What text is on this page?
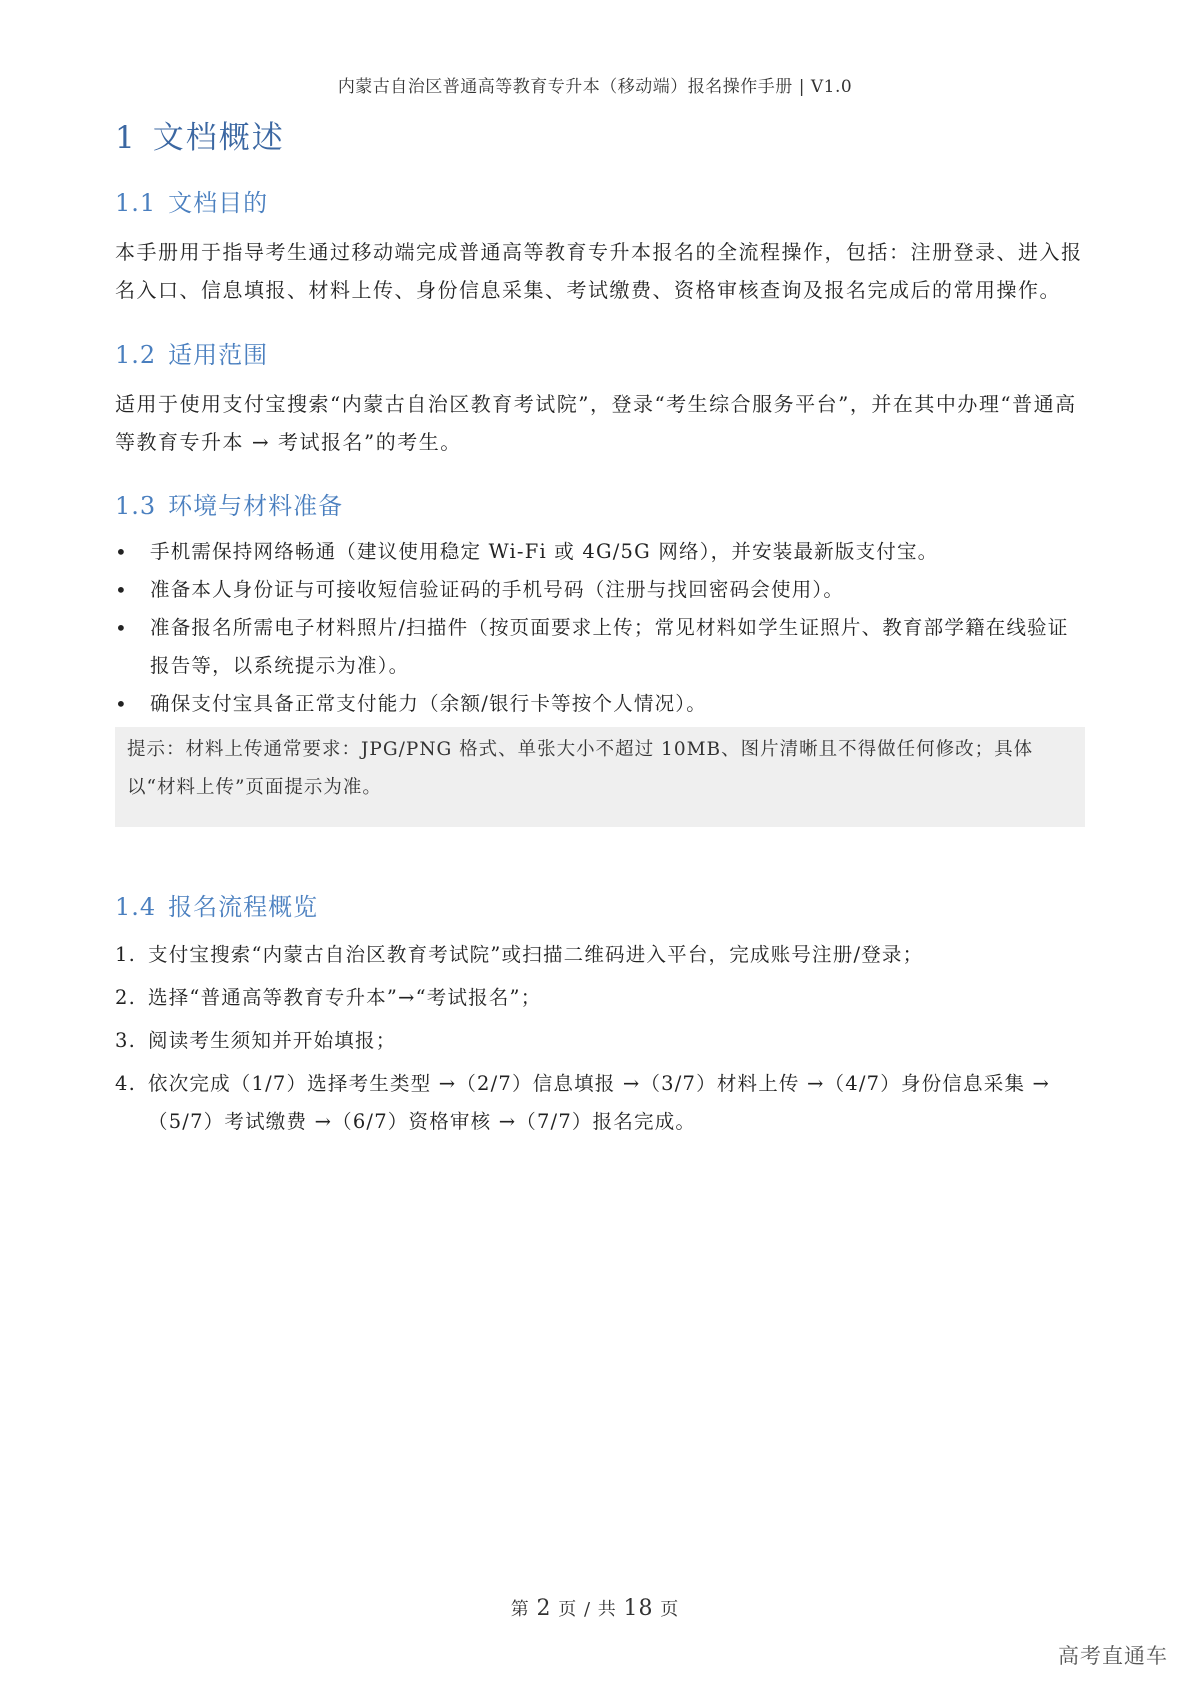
内蒙古自治区普通高等教育专升本（移动端）报名操作手册 | V1.0
1 文档概述
1.1 文档目的

本手册用于指导考生通过移动端完成普通高等教育专升本报名的全流程操作，包括：注册登录、进入报名入口、信息填报、材料上传、身份信息采集、考试缴费、资格审核查询及报名完成后的常用操作。

1.2 适用范围

适用于使用支付宝搜索“内蒙古自治区教育考试院”，登录“考生综合服务平台”，并在其中办理“普通高等教育专升本 → 考试报名”的考生。

1.3 环境与材料准备
• 手机需保持网络畅通（建议使用稳定 Wi-Fi 或 4G/5G 网络），并安装最新版支付宝。
• 准备本人身份证与可接收短信验证码的手机号码（注册与找回密码会使用）。
• 准备报名所需电子材料照片/扫描件（按页面要求上传；常见材料如学生证照片、教育部学籍在线验证报告等，以系统提示为准）。
• 确保支付宝具备正常支付能力（余额/银行卡等按个人情况）。
提示：材料上传通常要求：JPG/PNG 格式、单张大小不超过 10MB、图片清晰且不得做任何修改；具体以“材料上传”页面提示为准。
1.4 报名流程概览
1. 支付宝搜索“内蒙古自治区教育考试院”或扫描二维码进入平台，完成账号注册/登录；
2. 选择“普通高等教育专升本”→“考试报名”；
3. 阅读考生须知并开始填报；
4. 依次完成（1/7）选择考生类型 →（2/7）信息填报 →（3/7）材料上传 →（4/7）身份信息采集 →（5/7）考试缴费 →（6/7）资格审核 →（7/7）报名完成。
第 2 页 / 共 18 页
高考直通车
